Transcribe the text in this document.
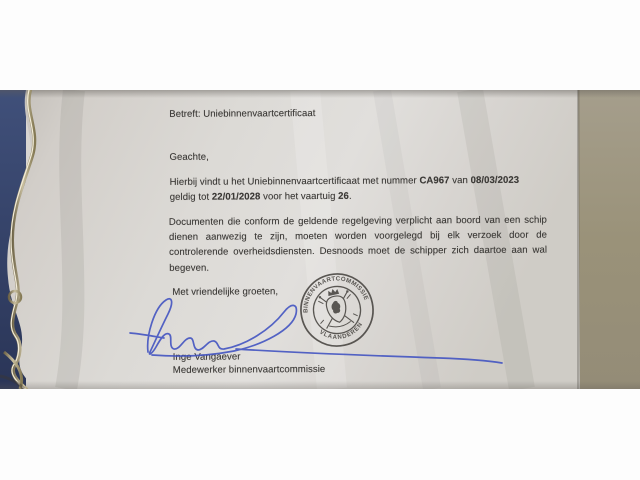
Betreft: Uniebinnenvaartcertificaat
Geachte,
Hierbij vindt u het Uniebinnenvaartcertificaat met nummer CA967 van 08/03/2023
geldig tot 22/01/2028 voor het vaartuig 26.
Documenten die conform de geldende regelgeving verplicht aan boord van een schip dienen aanwezig te zijn, moeten worden voorgelegd bij elk verzoek door de controlerende overheidsdiensten. Desnoods moet de schipper zich daartoe aan wal begeven.
Met vriendelijke groeten,
Inge Vangaever
Medewerker binnenvaartcommissie
BINNENVAARTCOMMISSIE
VLAANDEREN
